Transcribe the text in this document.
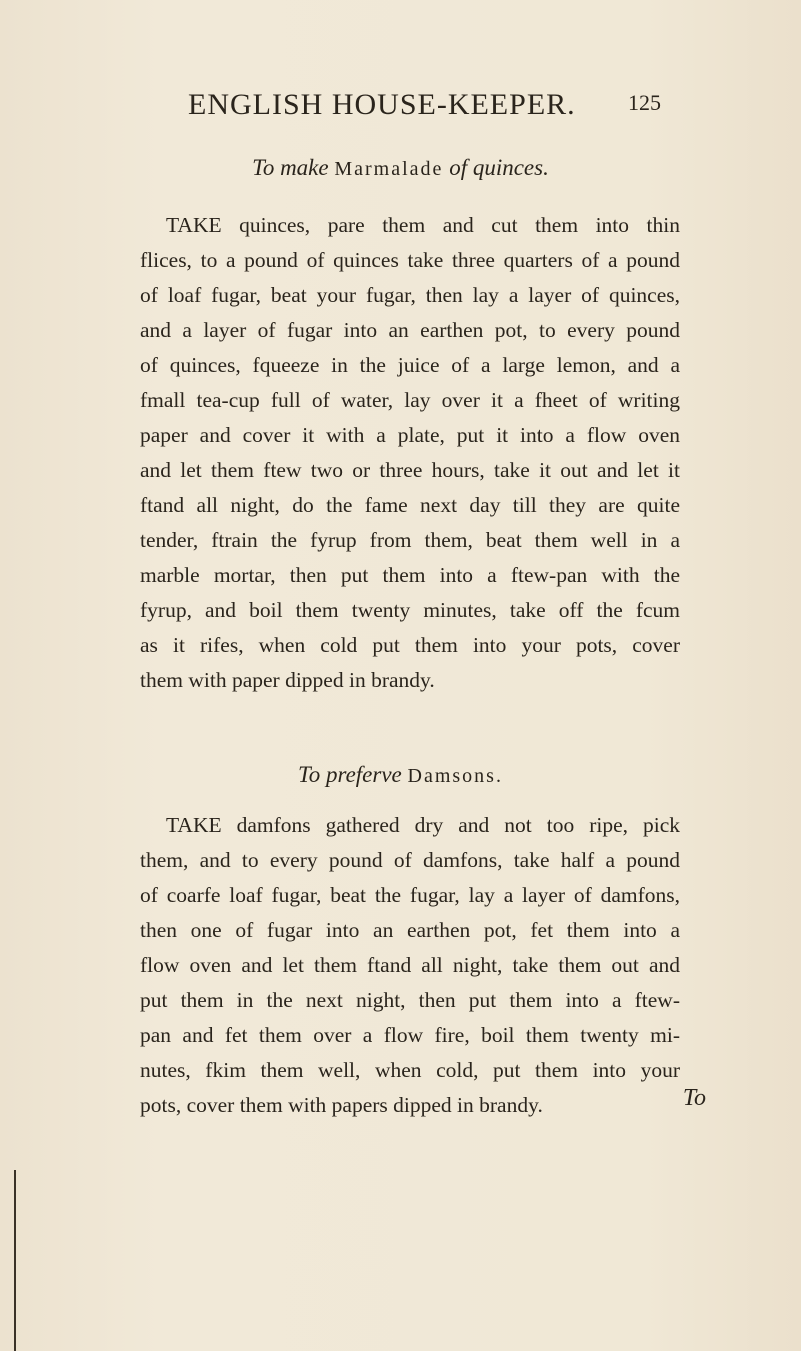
ENGLISH HOUSE-KEEPER. 125
To make Marmalade of quinces.
TAKE quinces, pare them and cut them into thin
flices, to a pound of quinces take three quarters of a pound
of loaf fugar, beat your fugar, then lay a layer of quinces,
and a layer of fugar into an earthen pot, to every pound
of quinces, fqueeze in the juice of a large lemon, and a
fmall tea-cup full of water, lay over it a fheet of writing
paper and cover it with a plate, put it into a flow oven
and let them ftew two or three hours, take it out and let it
ftand all night, do the fame next day till they are quite
tender, ftrain the fyrup from them, beat them well in a
marble mortar, then put them into a ftew-pan with the
fyrup, and boil them twenty minutes, take off the fcum
as it rifes, when cold put them into your pots, cover
them with paper dipped in brandy.
To preferve Damsons.
TAKE damfons gathered dry and not too ripe, pick
them, and to every pound of damfons, take half a pound
of coarfe loaf fugar, beat the fugar, lay a layer of damfons,
then one of fugar into an earthen pot, fet them into a
flow oven and let them ftand all night, take them out and
put them in the next night, then put them into a ftew-
pan and fet them over a flow fire, boil them twenty mi-
nutes, fkim them well, when cold, put them into your
pots, cover them with papers dipped in brandy.	To
